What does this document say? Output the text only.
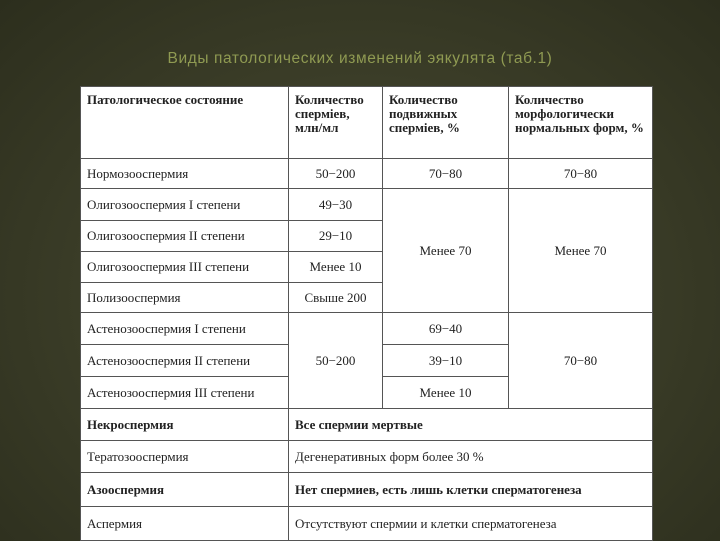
Виды патологических изменений эякулята (таб.1)
Патологическое состояние	Количество сперміев, млн/мл	Количество подвижных сперміев, %	Количество морфологически нормальных форм, %
Нормозооспермия	50−200	70−80	70−80
Олигозооспермия I степени	49−30	Менее 70	Менее 70
Олигозооспермия II степени	29−10		
Олигозооспермия III степени	Менее 10		
Полизооспермия	Свыше 200		
Астенозооспермия I степени	50−200	69−40	70−80
Астенозооспермия II степени		39−10	
Астенозооспермия III степени		Менее 10	
Некроспермия	Все спермии мертвые		
Тератозооспермия	Дегенеративных форм более 30 %		
Азооспермия	Нет спермиев, есть лишь клетки сперматогенеза		
Аспермия	Отсутствуют спермии и клетки сперматогенеза		
